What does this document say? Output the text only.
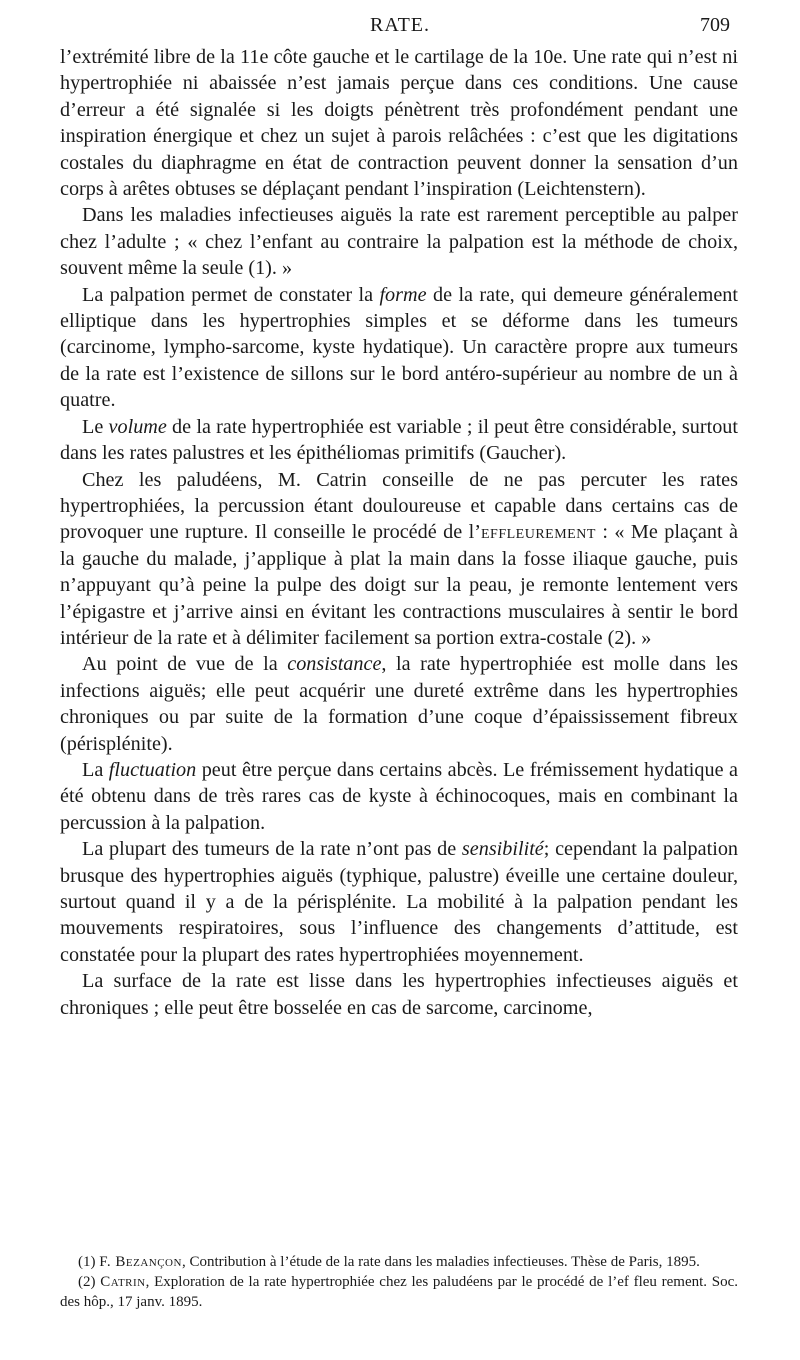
RATE.	709

l’extrémité libre de la 11e côte gauche et le cartilage de la 10e. Une rate qui n’est ni hypertrophiée ni abaissée n’est jamais perçue dans ces conditions. Une cause d’erreur a été signalée si les doigts pénètrent très profondément pendant une inspiration énergique et chez un sujet à parois relâchées : c’est que les digitations costales du diaphragme en état de contraction peuvent donner la sensation d’un corps à arêtes obtuses se déplaçant pendant l’inspiration (Leichtenstern).

Dans les maladies infectieuses aiguës la rate est rarement perceptible au palper chez l’adulte ; « chez l’enfant au contraire la palpation est la méthode de choix, souvent même la seule (1). »

La palpation permet de constater la forme de la rate, qui demeure généralement elliptique dans les hypertrophies simples et se déforme dans les tumeurs (carcinome, lympho-sarcome, kyste hydatique). Un caractère propre aux tumeurs de la rate est l’existence de sillons sur le bord antéro-supérieur au nombre de un à quatre.

Le volume de la rate hypertrophiée est variable ; il peut être considérable, surtout dans les rates palustres et les épithéliomas primitifs (Gaucher).

Chez les paludéens, M. Catrin conseille de ne pas percuter les rates hypertrophiées, la percussion étant douloureuse et capable dans certains cas de provoquer une rupture. Il conseille le procédé de l’effleurement : « Me plaçant à la gauche du malade, j’applique à plat la main dans la fosse iliaque gauche, puis n’appuyant qu’à peine la pulpe des doigt sur la peau, je remonte lentement vers l’épigastre et j’arrive ainsi en évitant les contractions musculaires à sentir le bord intérieur de la rate et à délimiter facilement sa portion extra-costale (2). »

Au point de vue de la consistance, la rate hypertrophiée est molle dans les infections aiguës; elle peut acquérir une dureté extrême dans les hypertrophies chroniques ou par suite de la formation d’une coque d’épaississement fibreux (périsplénite).

La fluctuation peut être perçue dans certains abcès. Le frémissement hydatique a été obtenu dans de très rares cas de kyste à échinocoques, mais en combinant la percussion à la palpation.

La plupart des tumeurs de la rate n’ont pas de sensibilité; cependant la palpation brusque des hypertrophies aiguës (typhique, palustre) éveille une certaine douleur, surtout quand il y a de la périsplénite. La mobilité à la palpation pendant les mouvements respiratoires, sous l’influence des changements d’attitude, est constatée pour la plupart des rates hypertrophiées moyennement.

La surface de la rate est lisse dans les hypertrophies infectieuses aiguës et chroniques ; elle peut être bosselée en cas de sarcome, carcinome,

(1) F. Bezançon, Contribution à l’étude de la rate dans les maladies infectieuses. Thèse de Paris, 1895.

(2) Catrin, Exploration de la rate hypertrophiée chez les paludéens par le procédé de l’ef fleu rement. Soc. des hôp., 17 janv. 1895.
